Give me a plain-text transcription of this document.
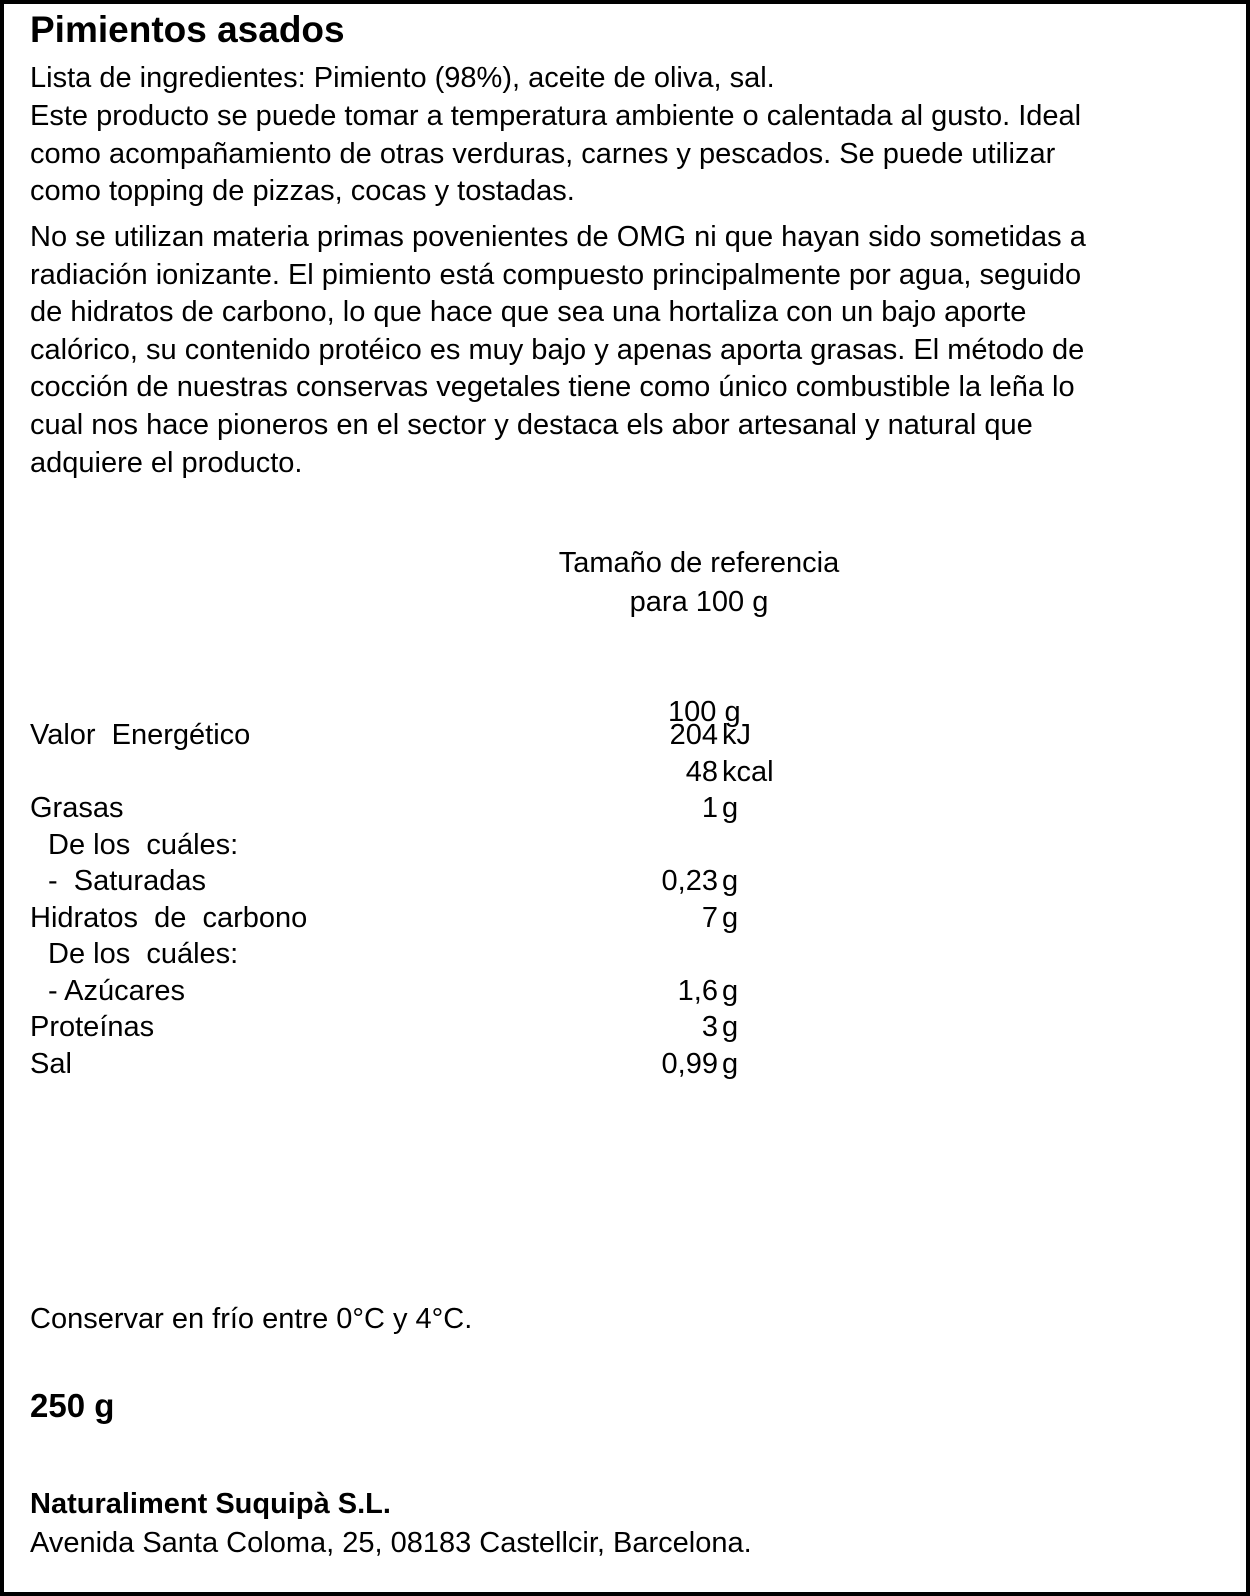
Pimientos asados

Lista de ingredientes: Pimiento (98%), aceite de oliva, sal.

Este producto se puede tomar a temperatura ambiente o calentada al gusto. Ideal
como acompañamiento de otras verduras, carnes y pescados. Se puede utilizar
como topping de pizzas, cocas y tostadas.

No se utilizan materia primas povenientes de OMG ni que hayan sido sometidas a
radiación ionizante. El pimiento está compuesto principalmente por agua, seguido
de hidratos de carbono, lo que hace que sea una hortaliza con un bajo aporte
calórico, su contenido protéico es muy bajo y apenas aporta grasas. El método de
cocción de nuestras conservas vegetales tiene como único combustible la leña lo
cual nos hace pioneros en el sector y destaca els abor artesanal y natural que
adquiere el producto.

Tamaño de referencia
para 100 g
100 g
Valor  Energético	204 kJ
48 kcal
Grasas	1 g
De los  cuáles:
-  Saturadas	0,23 g
Hidratos  de  carbono	7 g
De los  cuáles:
- Azúcares	1,6 g
Proteínas	3 g
Sal	0,99 g

Conservar en frío entre 0°C y 4°C.

250 g

Naturaliment Suquipà S.L.

Avenida Santa Coloma, 25, 08183 Castellcir, Barcelona.
